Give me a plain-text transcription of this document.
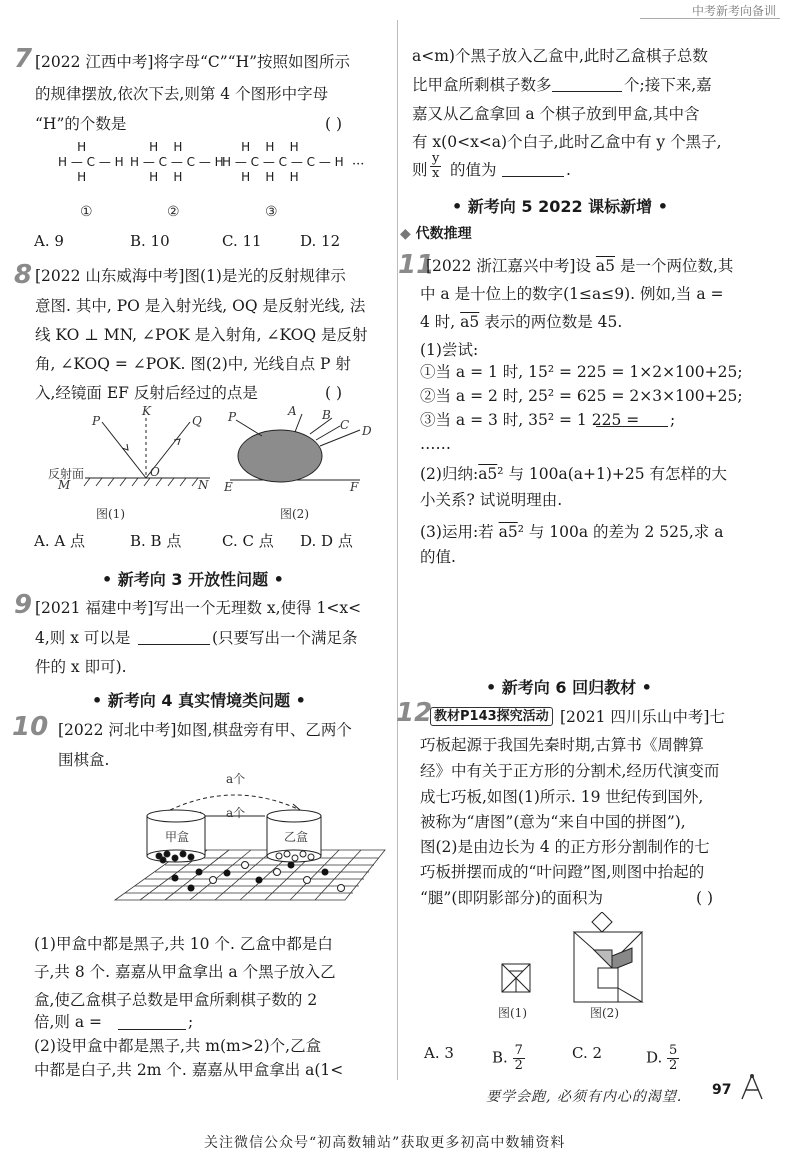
中考新考向备训
7 [2022 江西中考]将字母“C”“H”按照如图所示
的规律摆放,依次下去,则第 4 个图形中字母
“H”的个数是	( )
H
H — C — H
H
H    H
H — C — C — H
H    H
H    H    H
H — C — C — C — H
H    H    H
···
①	②	③
A. 9	B. 10	C. 11	D. 12
8 [2022 山东威海中考]图(1)是光的反射规律示
意图. 其中, PO 是入射光线, OQ 是反射光线, 法
线 KO ⊥ MN, ∠POK 是入射角, ∠KOQ 是反射
角, ∠KOQ = ∠POK. 图(2)中, 光线自点 P 射
入,经镜面 EF 反射后经过的点是	( )
P
K
Q
O
M	N
反射面
图(1)
P	A B
C D
E	F
图(2)
A. A 点	B. B 点	C. C 点 D. D 点
• 新考向 3 开放性问题 •
9 [2021 福建中考]写出一个无理数 x,使得 1<x<
4,则 x 可以是	(只要写出一个满足条
件的 x 即可).
• 新考向 4 真实情境类问题 •
10 [2022 河北中考]如图,棋盘旁有甲、乙两个
围棋盒.
a个
a个
甲盒	乙盒
(1)甲盒中都是黑子,共 10 个. 乙盒中都是白
子,共 8 个. 嘉嘉从甲盒拿出 a 个黑子放入乙
盒,使乙盒棋子总数是甲盒所剩棋子数的 2
倍,则 a =	;
(2)设甲盒中都是黑子,共 m(m>2)个,乙盒
中都是白子,共 2m 个. 嘉嘉从甲盒拿出 a(1<
a<m)个黑子放入乙盒中,此时乙盒棋子总数
比甲盒所剩棋子数多	个;接下来,嘉
嘉又从乙盒拿回 a 个棋子放到甲盒,其中含
有 x(0<x<a)个白子,此时乙盒中有 y 个黑子,
则 $\frac{y}{x}$ 的值为	.
• 新考向 5 2022 课标新增 •
◆ 代数推理
11
[2022 浙江嘉兴中考]设 a5 是一个两位数,其
中 a 是十位上的数字(1≤a≤9). 例如,当 a =
4 时, a5 表示的两位数是 45.
(1)尝试:
①当 a = 1 时, 15² = 225 = 1×2×100+25;
②当 a = 2 时, 25² = 625 = 2×3×100+25;
③当 a = 3 时, 35² = 1 225 = ;
……
(2)归纳:a5² 与 100a(a+1)+25 有怎样的大
小关系? 试说明理由.
(3)运用:若 a5² 与 100a 的差为 2 525,求 a
的值.
• 新考向 6 回归教材 •
12 教材P143探究活动 [2021 四川乐山中考]七
巧板起源于我国先秦时期,古算书《周髀算
经》中有关于正方形的分割术,经历代演变而
成七巧板,如图(1)所示. 19 世纪传到国外,
被称为“唐图”(意为“来自中国的拼图”),
图(2)是由边长为 4 的正方形分割制作的七
巧板拼摆而成的“叶问蹬”图,则图中抬起的
“腿”(即阴影部分)的面积为	( )
图(1)	图(2)
A. 3	B. $\frac{7}{2}$	C. 2	D. $\frac{5}{2}$
要学会跑, 必须有内心的渴望. 97
关注微信公众号“初高数辅站”获取更多初高中数辅资料
